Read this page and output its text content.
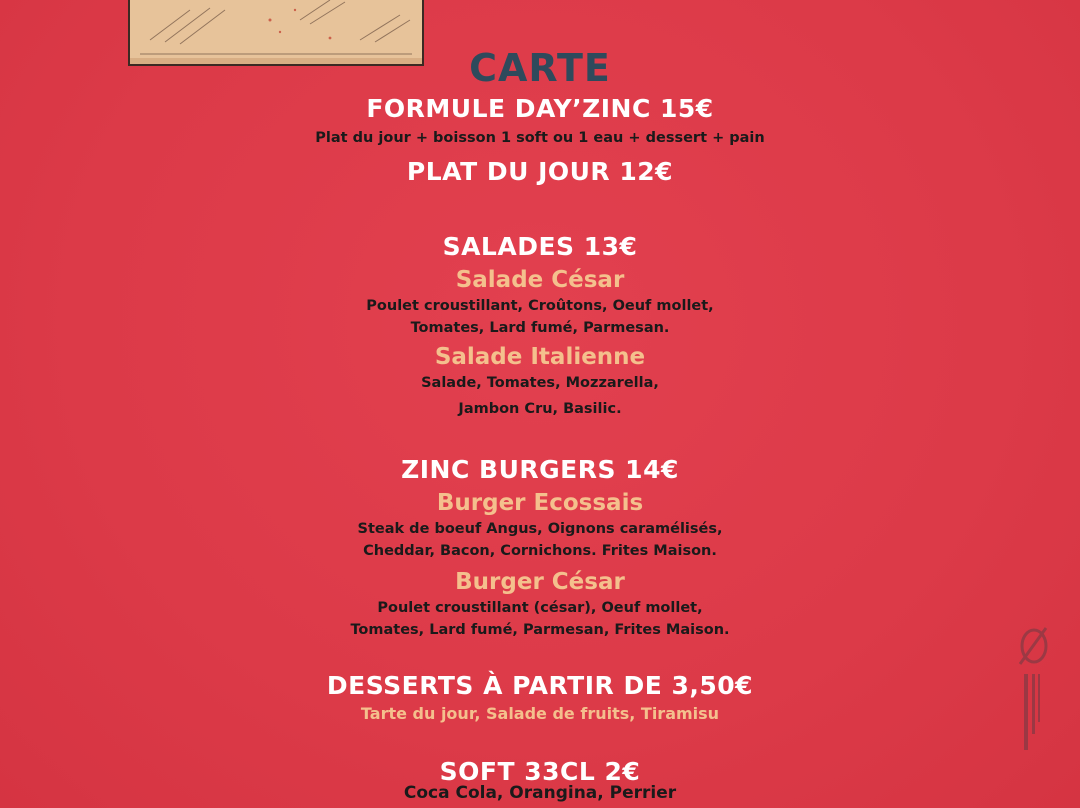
CARTE
FORMULE DAY’ZINC 15€
Plat du jour + boisson 1 soft ou 1 eau + dessert + pain
PLAT DU JOUR 12€
SALADES 13€
Salade César
Poulet croustillant, Croûtons, Oeuf mollet,
Tomates, Lard fumé, Parmesan.
Salade Italienne
Salade, Tomates, Mozzarella,
Jambon Cru, Basilic.
ZINC BURGERS 14€
Burger Ecossais
Steak de boeuf Angus, Oignons caramélisés,
Cheddar, Bacon, Cornichons. Frites Maison.
Burger César
Poulet croustillant (césar), Oeuf mollet,
Tomates, Lard fumé, Parmesan, Frites Maison.
DESSERTS À PARTIR DE 3,50€
Tarte du jour, Salade de fruits, Tiramisu
SOFT 33CL 2€
Coca Cola, Orangina, Perrier
